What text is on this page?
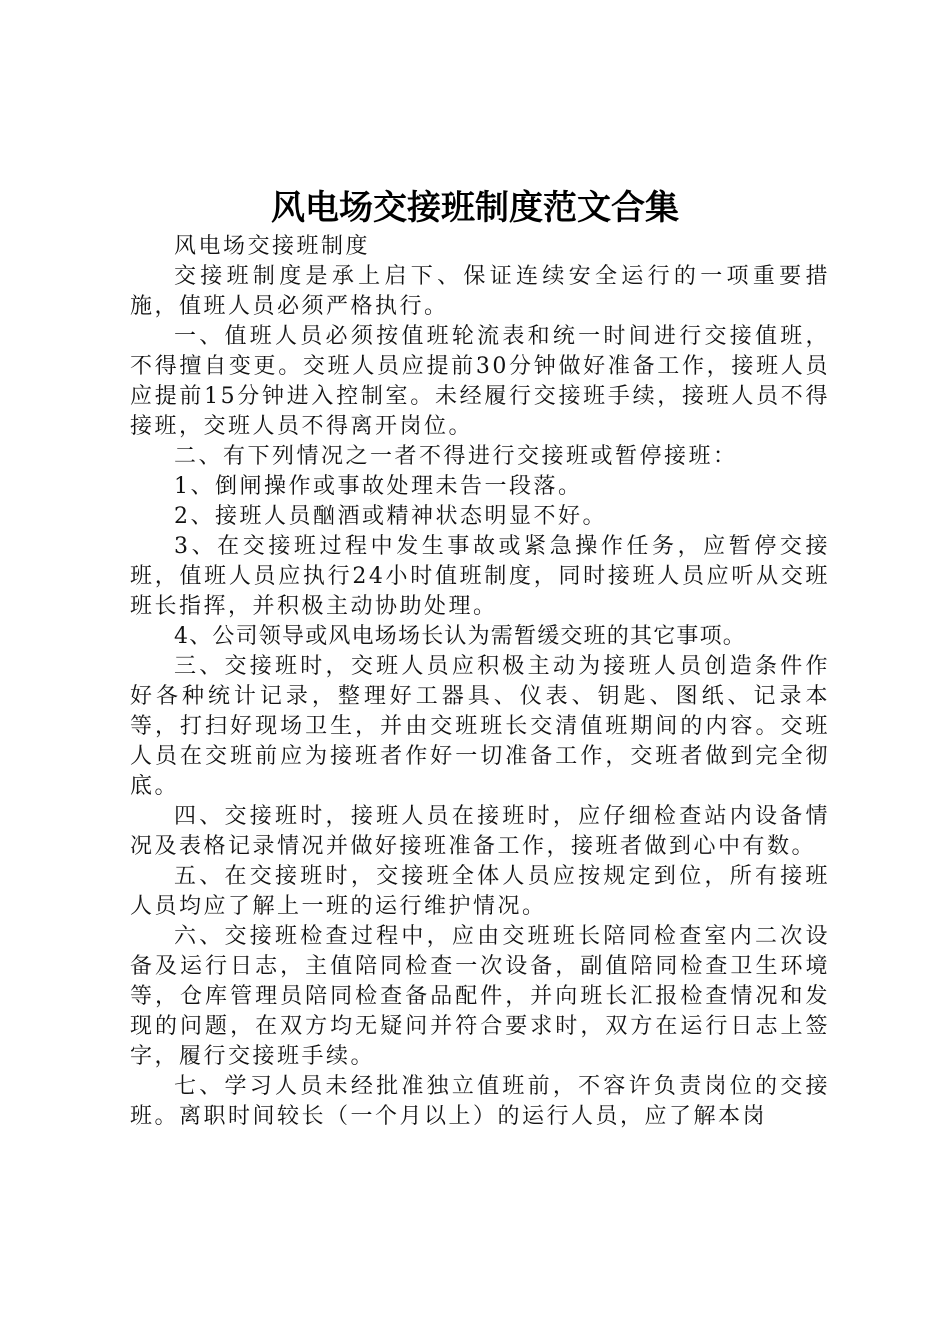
风电场交接班制度范文合集

风电场交接班制度

交接班制度是承上启下、保证连续安全运行的一项重要措施，值班人员必须严格执行。

一、值班人员必须按值班轮流表和统一时间进行交接值班，不得擅自变更。交班人员应提前30分钟做好准备工作，接班人员应提前15分钟进入控制室。未经履行交接班手续，接班人员不得接班，交班人员不得离开岗位。

二、有下列情况之一者不得进行交接班或暂停接班：

1、倒闸操作或事故处理未告一段落。

2、接班人员酗酒或精神状态明显不好。

3、在交接班过程中发生事故或紧急操作任务，应暂停交接班，值班人员应执行24小时值班制度，同时接班人员应听从交班班长指挥，并积极主动协助处理。

4、公司领导或风电场场长认为需暂缓交班的其它事项。

三、交接班时，交班人员应积极主动为接班人员创造条件作好各种统计记录，整理好工器具、仪表、钥匙、图纸、记录本等，打扫好现场卫生，并由交班班长交清值班期间的内容。交班人员在交班前应为接班者作好一切准备工作，交班者做到完全彻底。

四、交接班时，接班人员在接班时，应仔细检查站内设备情况及表格记录情况并做好接班准备工作，接班者做到心中有数。

五、在交接班时，交接班全体人员应按规定到位，所有接班人员均应了解上一班的运行维护情况。

六、交接班检查过程中，应由交班班长陪同检查室内二次设备及运行日志，主值陪同检查一次设备，副值陪同检查卫生环境等，仓库管理员陪同检查备品配件，并向班长汇报检查情况和发现的问题，在双方均无疑问并符合要求时，双方在运行日志上签字，履行交接班手续。

七、学习人员未经批准独立值班前，不容许负责岗位的交接班。离职时间较长（一个月以上）的运行人员，应了解本岗
